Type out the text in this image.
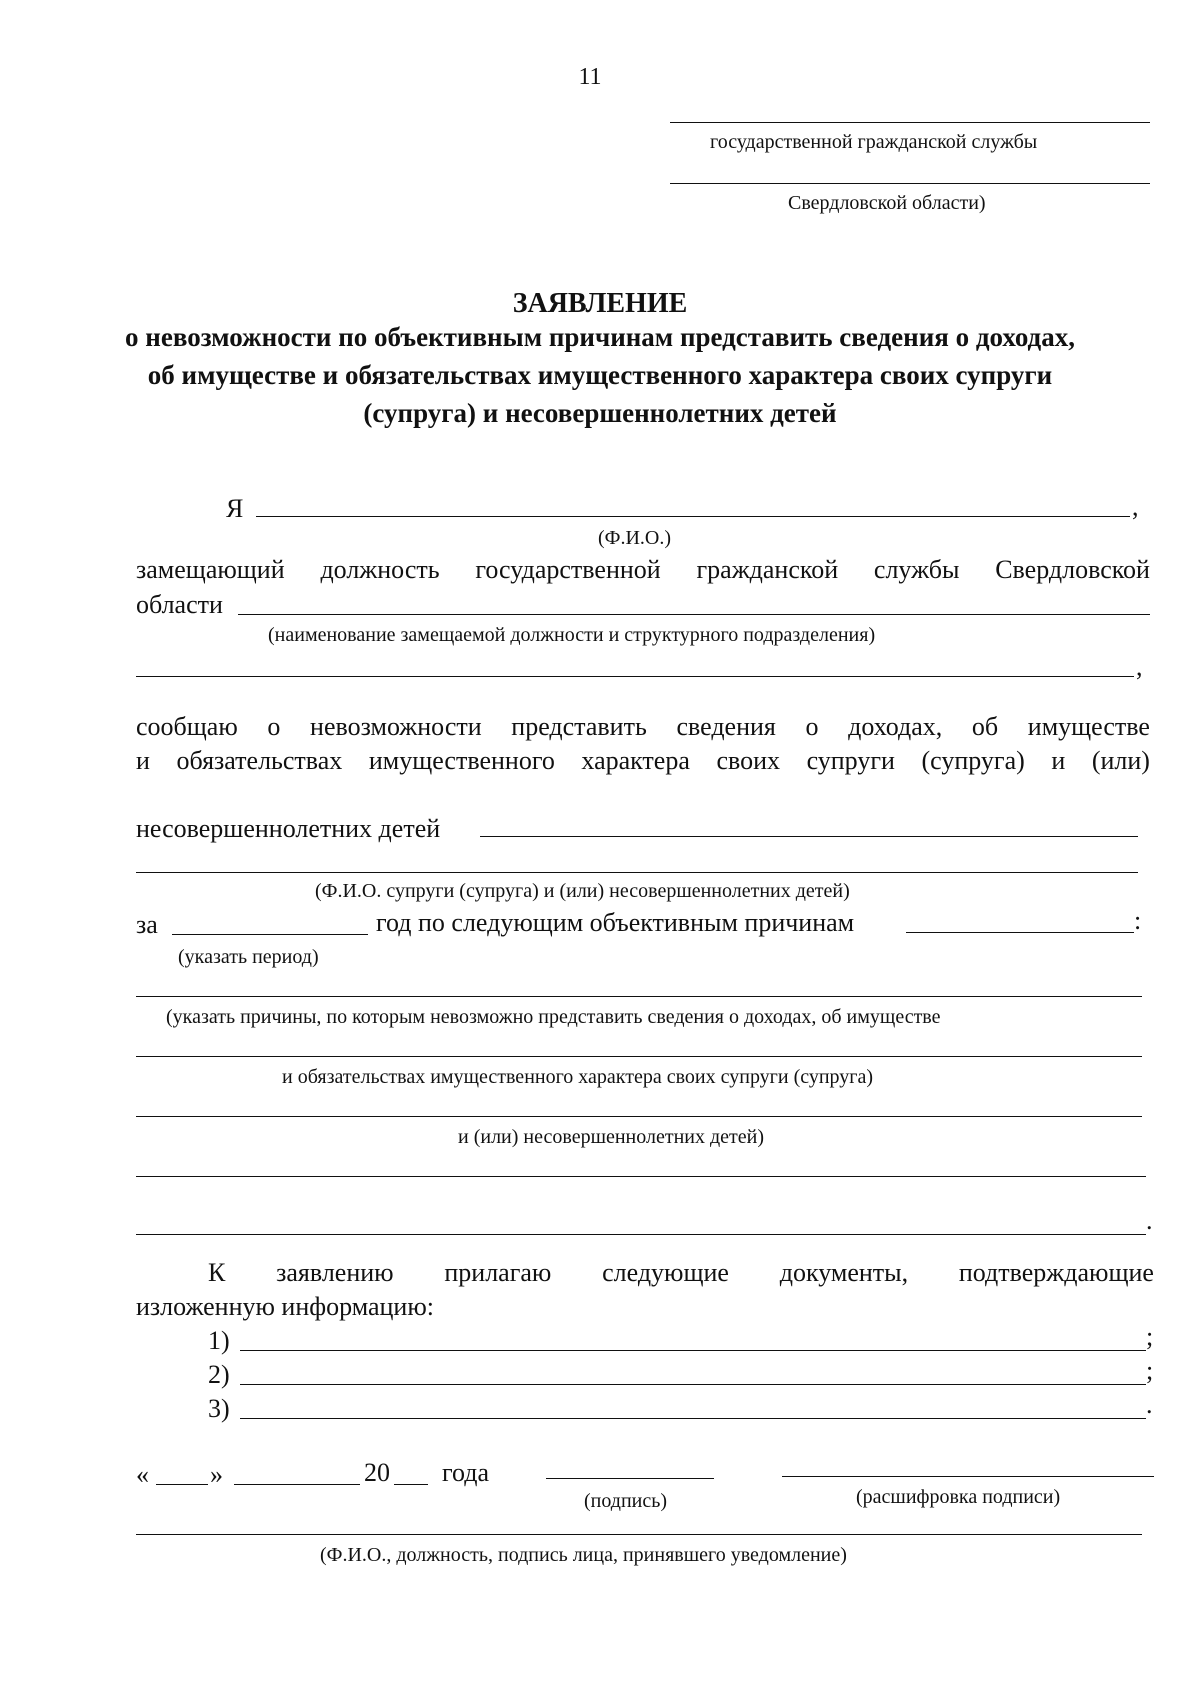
11
государственной гражданской службы
Свердловской области)
ЗАЯВЛЕНИЕ
о невозможности по объективным причинам представить сведения о доходах,
об имуществе и обязательствах имущественного характера своих супруги
(супруга) и несовершеннолетних детей
Я	,
(Ф.И.О.)
замещающий должность государственной гражданской службы Свердловской
области
(наименование замещаемой должности и структурного подразделения)
,
сообщаю о невозможности представить сведения о доходах, об имуществе
и обязательствах имущественного характера своих супруги (супруга) и (или)
несовершеннолетних детей
(Ф.И.О. супруги (супруга) и (или) несовершеннолетних детей)
за	год по следующим объективным причинам	:
(указать период)
(указать причины, по которым невозможно представить сведения о доходах, об имуществе
и обязательствах имущественного характера своих супруги (супруга)
и (или) несовершеннолетних детей)
.
К заявлению прилагаю следующие документы, подтверждающие
изложенную информацию:
1)	;
2)	;
3)	.
« »	20 года
(подпись)	(расшифровка подписи)
(Ф.И.О., должность, подпись лица, принявшего уведомление)
